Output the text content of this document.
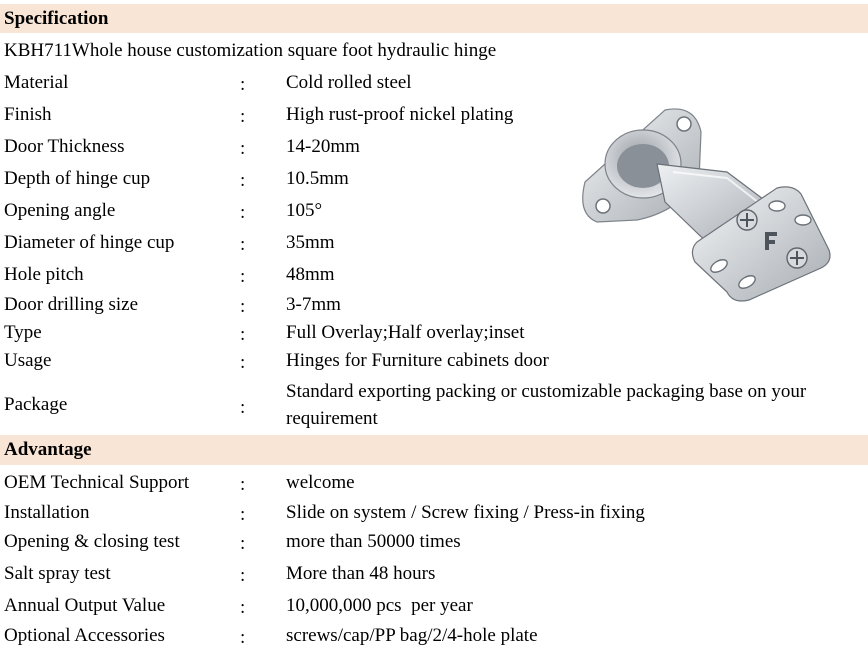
Specification
KBH711Whole house customization square foot hydraulic hinge
Material	: Cold rolled steel
Finish	: High rust-proof nickel plating
Door Thickness	: 14-20mm
Depth of hinge cup	: 10.5mm
Opening angle	: 105°
Diameter of hinge cup	: 35mm
Hole pitch	: 48mm
Door drilling size	: 3-7mm
Type	: Full Overlay;Half overlay;inset
Usage	: Hinges for Furniture cabinets door
Package	:
Standard exporting packing or customizable packaging base on your requirement
Advantage
OEM Technical Support	: welcome
Installation	: Slide on system / Screw fixing / Press-in fixing
Opening & closing test	: more than 50000 times
Salt spray test	: More than 48 hours
Annual Output Value	: 10,000,000 pcs  per year
Optional Accessories	: screws/cap/PP bag/2/4-hole plate
